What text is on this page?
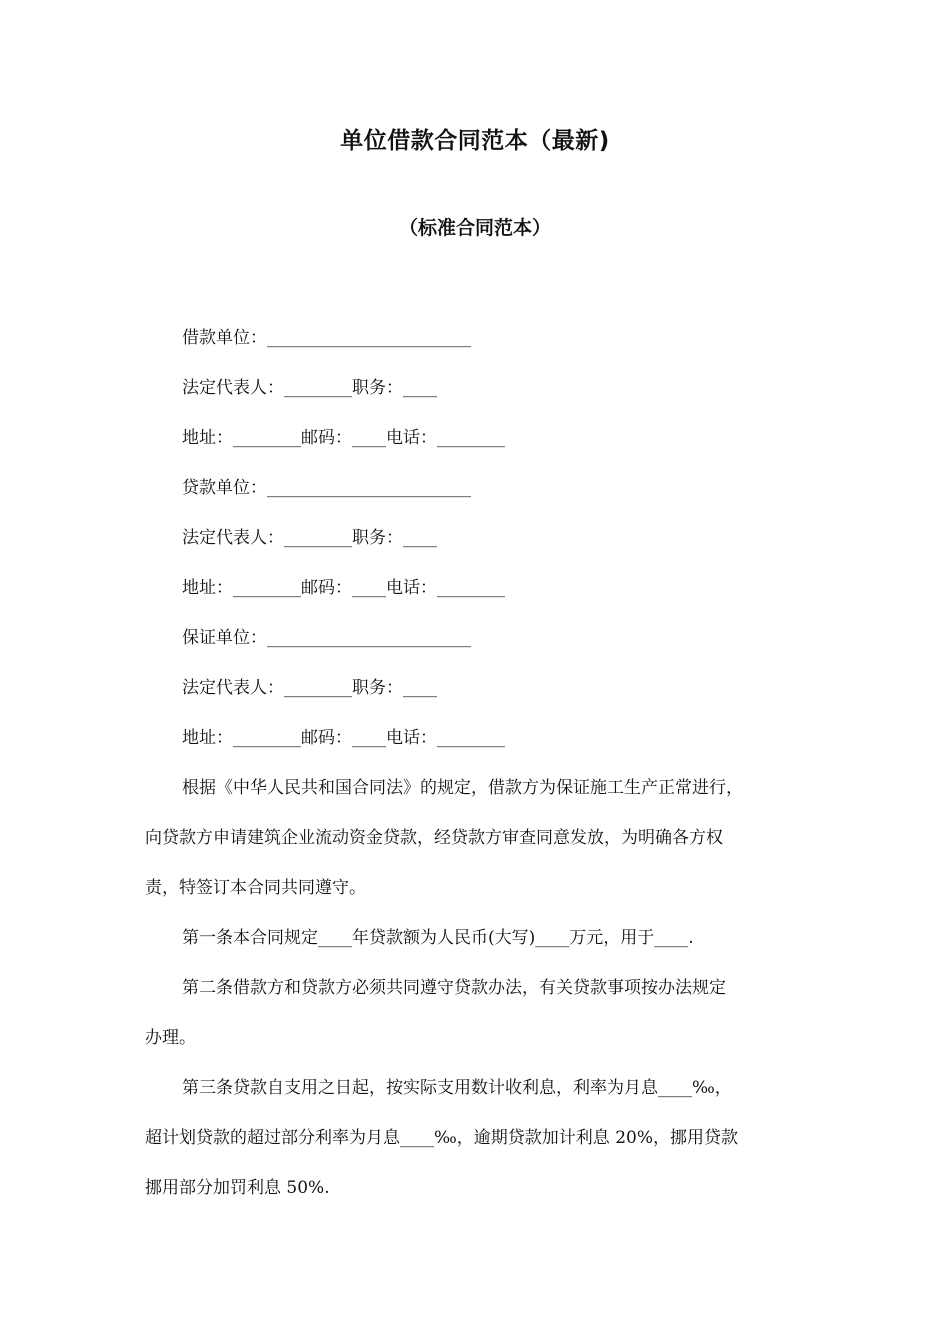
单位借款合同范本（最新)
（标准合同范本）

借款单位：________________________

法定代表人：________职务：____

地址：________邮码：____电话：________

贷款单位：________________________

法定代表人：________职务：____

地址：________邮码：____电话：________

保证单位：________________________

法定代表人：________职务：____

地址：________邮码：____电话：________

根据《中华人民共和国合同法》的规定，借款方为保证施工生产正常进行，

向贷款方申请建筑企业流动资金贷款，经贷款方审查同意发放，为明确各方权

责，特签订本合同共同遵守。

第一条本合同规定____年贷款额为人民币(大写)____万元，用于____.

第二条借款方和贷款方必须共同遵守贷款办法，有关贷款事项按办法规定

办理。

第三条贷款自支用之日起，按实际支用数计收利息，利率为月息____‰，

超计划贷款的超过部分利率为月息____‰，逾期贷款加计利息 20%，挪用贷款

挪用部分加罚利息 50%.
